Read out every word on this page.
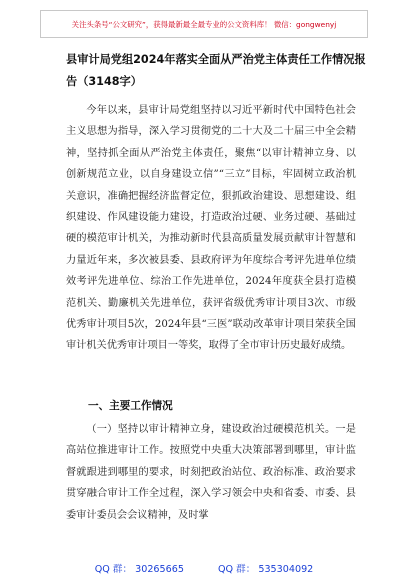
关注头条号“公文研究”，获得最新最全最专业的公文资料库！ 微信：gongwenyj
县审计局党组2024年落实全面从严治党主体责任工作情况报告（3148字）

今年以来，县审计局党组坚持以习近平新时代中国特色社会主义思想为指导，深入学习贯彻党的二十大及二十届三中全会精神，坚持抓全面从严治党主体责任，聚焦“以审计精神立身、以创新规范立业，以自身建设立信”“三立”目标，牢固树立政治机关意识，准确把握经济监督定位，狠抓政治建设、思想建设、组织建设、作风建设能力建设，打造政治过硬、业务过硬、基础过硬的模范审计机关，为推动新时代县高质量发展贡献审计智慧和力量近年来，多次被县委、县政府评为年度综合考评先进单位绩效考评先进单位、综治工作先进单位，2024年度获全县打造模范机关、勤廉机关先进单位，获评省级优秀审计项目3次、市级优秀审计项目5次，2024年县“三医”联动改革审计项目荣获全国审计机关优秀审计项目一等奖，取得了全市审计历史最好成绩。

一、主要工作情况

（一）坚持以审计精神立身，建设政治过硬模范机关。一是高站位推进审计工作。按照党中央重大决策部署到哪里，审计监督就跟进到哪里的要求，时刻把政治站位、政治标准、政治要求贯穿融合审计工作全过程，深入学习领会中央和省委、市委、县委审计委员会会议精神，及时掌

QQ 群： 30265665	QQ 群： 535304092
